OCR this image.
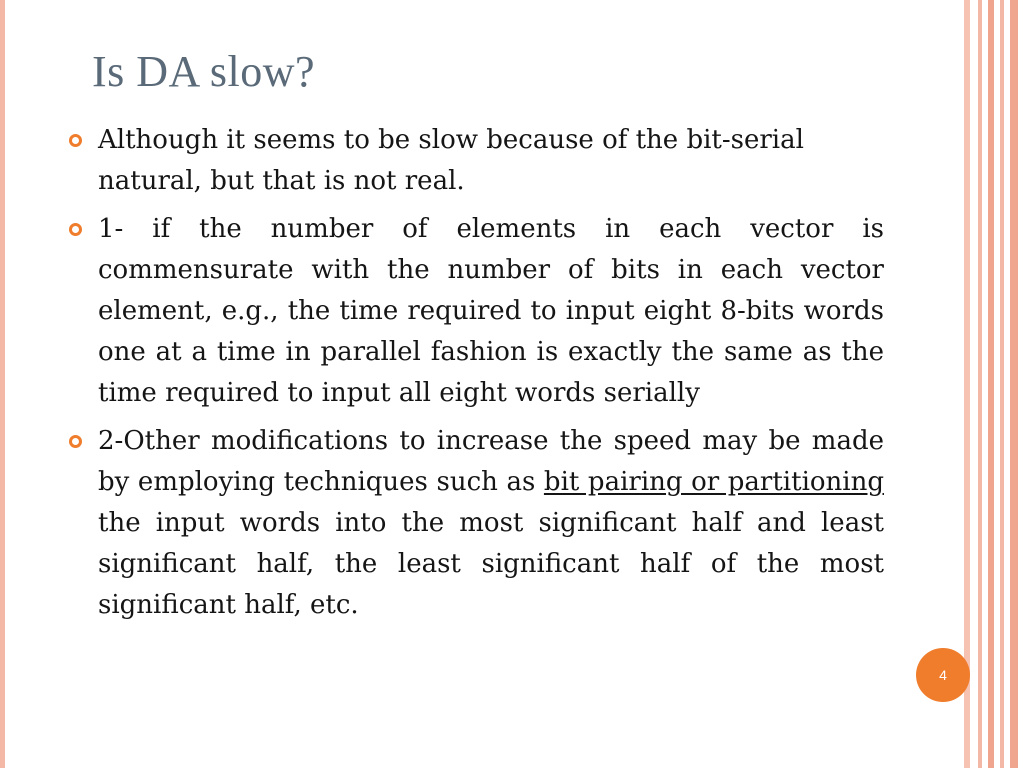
Is DA slow?
Although it seems to be slow because of the bit-serial natural, but that is not real.
1- if the number of elements in each vector is commensurate with the number of bits in each vector element, e.g., the time required to input eight 8-bits words one at a time in parallel fashion is exactly the same as the time required to input all eight words serially
2-Other modifications to increase the speed may be made by employing techniques such as bit pairing or partitioning the input words into the most significant half and least significant half, the least significant half of the most significant half, etc.
4
